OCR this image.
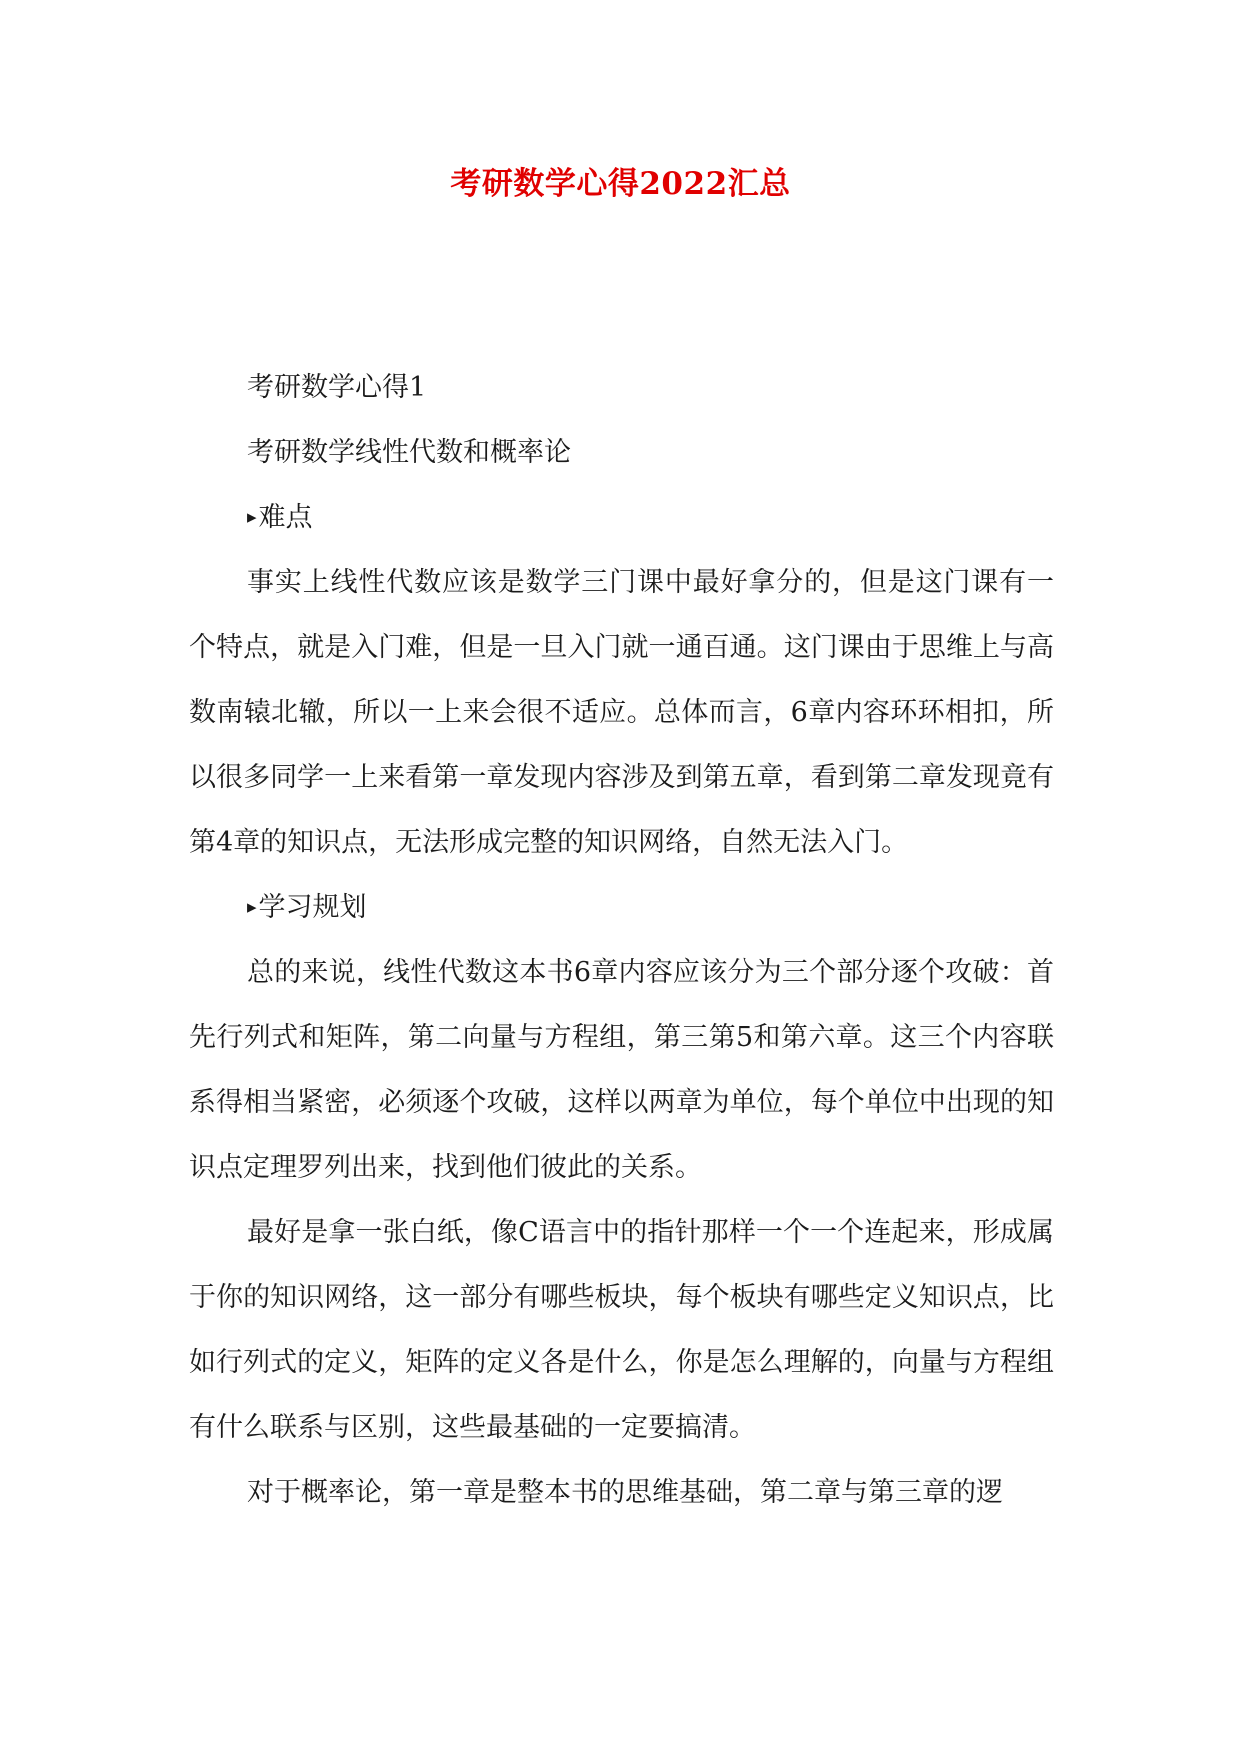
考研数学心得2022汇总

考研数学心得1

考研数学线性代数和概率论

▸难点

事实上线性代数应该是数学三门课中最好拿分的，但是这门课有一个特点，就是入门难，但是一旦入门就一通百通。这门课由于思维上与高数南辕北辙，所以一上来会很不适应。总体而言，6章内容环环相扣，所以很多同学一上来看第一章发现内容涉及到第五章，看到第二章发现竟有第4章的知识点，无法形成完整的知识网络，自然无法入门。

▸学习规划

总的来说，线性代数这本书6章内容应该分为三个部分逐个攻破：首先行列式和矩阵，第二向量与方程组，第三第5和第六章。这三个内容联系得相当紧密，必须逐个攻破，这样以两章为单位，每个单位中出现的知识点定理罗列出来，找到他们彼此的关系。

最好是拿一张白纸，像C语言中的指针那样一个一个连起来，形成属于你的知识网络，这一部分有哪些板块，每个板块有哪些定义知识点，比如行列式的定义，矩阵的定义各是什么，你是怎么理解的，向量与方程组有什么联系与区别，这些最基础的一定要搞清。

对于概率论，第一章是整本书的思维基础，第二章与第三章的逻
